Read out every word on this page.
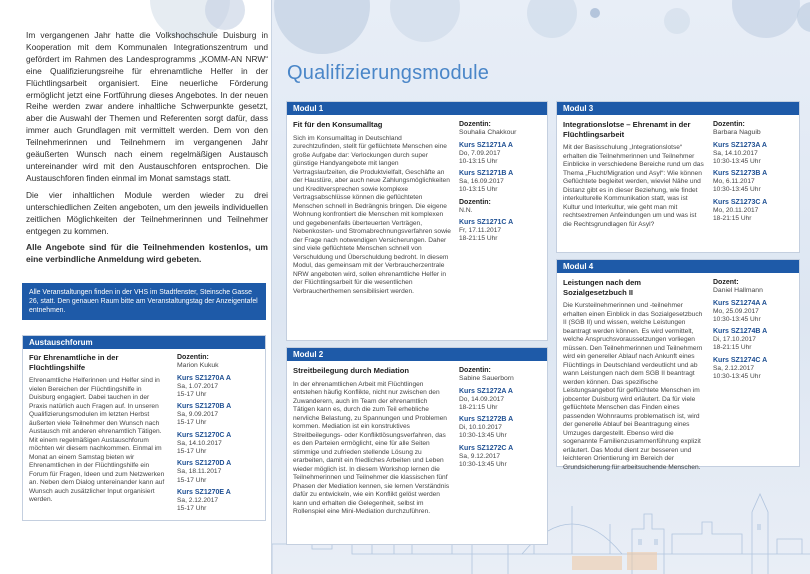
Im vergangenen Jahr hatte die Volkshochschule Duisburg in Kooperation mit dem Kommunalen Integrationszentrum und gefördert im Rahmen des Landesprogramms „KOMM-AN NRW“ eine Qualifizierungsreihe für ehrenamtliche Helfer in der Flüchtlingsarbeit organisiert. Eine neuerliche Förderung ermöglicht jetzt eine Fortführung dieses Angebotes. In der neuen Reihe werden zwar andere inhaltliche Schwerpunkte gesetzt, aber die Auswahl der Themen und Referenten sorgt dafür, dass immer auch Grundlagen mit vermittelt werden. Dem von den Teilnehmerinnen und Teilnehmern im vergangenen Jahr geäußerten Wunsch nach einem regelmäßigen Austausch untereinander wird mit den Austauschforen entsprochen. Die Austauschforen finden einmal im Monat samstags statt.

Die vier inhaltlichen Module werden wieder zu drei unterschiedlichen Zeiten angeboten, um den jeweils individuellen zeitlichen Möglichkeiten der Teilnehmerinnen und Teilnehmer entgegen zu kommen.

Alle Angebote sind für die Teilnehmenden kostenlos, um eine verbindliche Anmeldung wird gebeten.

Alle Veranstaltungen finden in der VHS im Stadtfenster, Steinsche Gasse 26, statt. Den genauen Raum bitte am Veranstaltungstag der Anzeigentafel entnehmen.
Austauschforum
Für Ehrenamtliche in der Flüchtlingshilfe
Ehrenamtliche Helferinnen und Helfer sind in vielen Bereichen der Flüchtlingshilfe in Duisburg engagiert. Dabei tauchen in der Praxis natürlich auch Fragen auf. In unseren Qualifizierungsmodulen im letzten Herbst äußerten viele Teilnehmer den Wunsch nach Austausch mit anderen ehrenamtlich Tätigen. Mit einem regelmäßigen Austauschforum möchten wir diesem nachkommen. Einmal im Monat an einem Samstag bieten wir Ehrenamtlichen in der Flüchtlingshilfe ein Forum für Fragen, Ideen und zum Netzwerken an. Neben dem Dialog untereinander kann auf Wunsch auch zusätzlicher Input organisiert werden.
Dozentin:
Marion Kukuk
Kurs SZ1270A A
Sa, 1.07.2017
15-17 Uhr
Kurs SZ1270B A
Sa, 9.09.2017
15-17 Uhr
Kurs SZ1270C A
Sa, 14.10.2017
15-17 Uhr
Kurs SZ1270D A
Sa, 18.11.2017
15-17 Uhr
Kurs SZ1270E A
Sa, 2.12.2017
15-17 Uhr
Qualifizierungsmodule
Modul 1
Fit für den Konsumalltag
Sich im Konsumalltag in Deutschland zurechtzufinden, stellt für geflüchtete Menschen eine große Aufgabe dar: Verlockungen durch super günstige Handyangebote mit langen Vertragslaufzeiten, die Produktvielfalt, Geschäfte an der Haustüre, aber auch neue Zahlungsmöglichkeiten und Kreditversprechen sowie komplexe Vertragsabschlüsse können die geflüchteten Menschen schnell in Bedrängnis bringen. Die eigene Wohnung konfrontiert die Menschen mit komplexen und gegebenenfalls überteuerten Verträgen, Nebenkosten- und Stromabrechnungsverfahren sowie der Frage nach notwendigen Versicherungen. Daher sind viele geflüchtete Menschen schnell von Verschuldung und Überschuldung bedroht. In diesem Modul, das gemeinsam mit der Verbraucherzentrale NRW angeboten wird, sollen ehrenamtliche Helfer in der Flüchtlingsarbeit für die wesentlichen Verbraucherthemen sensibilisiert werden.
Dozentin:
Souhalia Chakkour
Kurs SZ1271A A
Do, 7.09.2017
10-13:15 Uhr
Kurs SZ1271B A
Sa, 16.09.2017
10-13:15 Uhr
Dozentin:
N.N.
Kurs SZ1271C A
Fr, 17.11.2017
18-21:15 Uhr
Modul 2
Streitbeilegung durch Mediation
In der ehrenamtlichen Arbeit mit Flüchtlingen entstehen häufig Konflikte, nicht nur zwischen den Zuwanderern, auch im Team der ehrenamtlich Tätigen kann es, durch die zum Teil erhebliche nervliche Belastung, zu Spannungen und Problemen kommen. Mediation ist ein konstruktives Streitbeilegungs- oder Konfliktlösungsverfahren, das es den Parteien ermöglicht, eine für alle Seiten stimmige und zufrieden stellende Lösung zu erarbeiten, damit ein friedliches Arbeiten und Leben wieder möglich ist. In diesem Workshop lernen die Teilnehmerinnen und Teilnehmer die klassischen fünf Phasen der Mediation kennen, sie lernen Verständnis dafür zu entwickeln, wie ein Konflikt gelöst werden kann und erhalten die Gelegenheit, selbst im Rollenspiel eine Mini-Mediation durchzuführen.
Dozentin:
Sabine Sauerborn
Kurs SZ1272A A
Do, 14.09.2017
18-21:15 Uhr
Kurs SZ1272B A
Di, 10.10.2017
10:30-13:45 Uhr
Kurs SZ1272C A
Sa, 9.12.2017
10:30-13:45 Uhr
Modul 3
Integrationslotse – Ehrenamt in der Flüchtlingsarbeit
Mit der Basisschulung „Integrationslotse“ erhalten die Teilnehmerinnen und Teilnehmer Einblicke in verschiedene Bereiche rund um das Thema „Flucht/Migration und Asyl“: Wie können Geflüchtete begleitet werden, wieviel Nähe und Distanz gibt es in dieser Beziehung, wie findet interkulturelle Kommunikation statt, was ist Kultur und Interkultur, wie geht man mit rechtsextremen Anfeindungen um und was ist die Rechtsgrundlagen für Asyl?
Dozentin:
Barbara Naguib
Kurs SZ1273A A
Sa, 14.10.2017
10:30-13:45 Uhr
Kurs SZ1273B A
Mo, 6.11.2017
10:30-13:45 Uhr
Kurs SZ1273C A
Mo, 20.11.2017
18-21:15 Uhr
Modul 4
Leistungen nach dem Sozialgesetzbuch II
Die Kursteilnehmerinnen und -teilnehmer erhalten einen Einblick in das Sozialgesetzbuch II (SGB II) und wissen, welche Leistungen beantragt werden können. Es wird vermittelt, welche Anspruchsvoraussetzungen vorliegen müssen. Den Teilnehmerinnen und Teilnehmern wird ein genereller Ablauf nach Ankunft eines Flüchtlings in Deutschland verdeutlicht und ab wann Leistungen nach dem SGB II beantragt werden können. Das spezifische Leistungsangebot für geflüchtete Menschen im jobcenter Duisburg wird erläutert. Da für viele geflüchtete Menschen das Finden eines passenden Wohnraums problematisch ist, wird der generelle Ablauf bei Beantragung eines Umzuges dargestellt. Ebenso wird die sogenannte Familienzusammenführung explizit erläutert. Das Modul dient zur besseren und leichteren Orientierung im Bereich der Grundsicherung für arbeitsuchende Menschen.
Dozent:
Daniel Hallmann
Kurs SZ1274A A
Mo, 25.09.2017
10:30-13:45 Uhr
Kurs SZ1274B A
Di, 17.10.2017
18-21:15 Uhr
Kurs SZ1274C A
Sa, 2.12.2017
10:30-13:45 Uhr
